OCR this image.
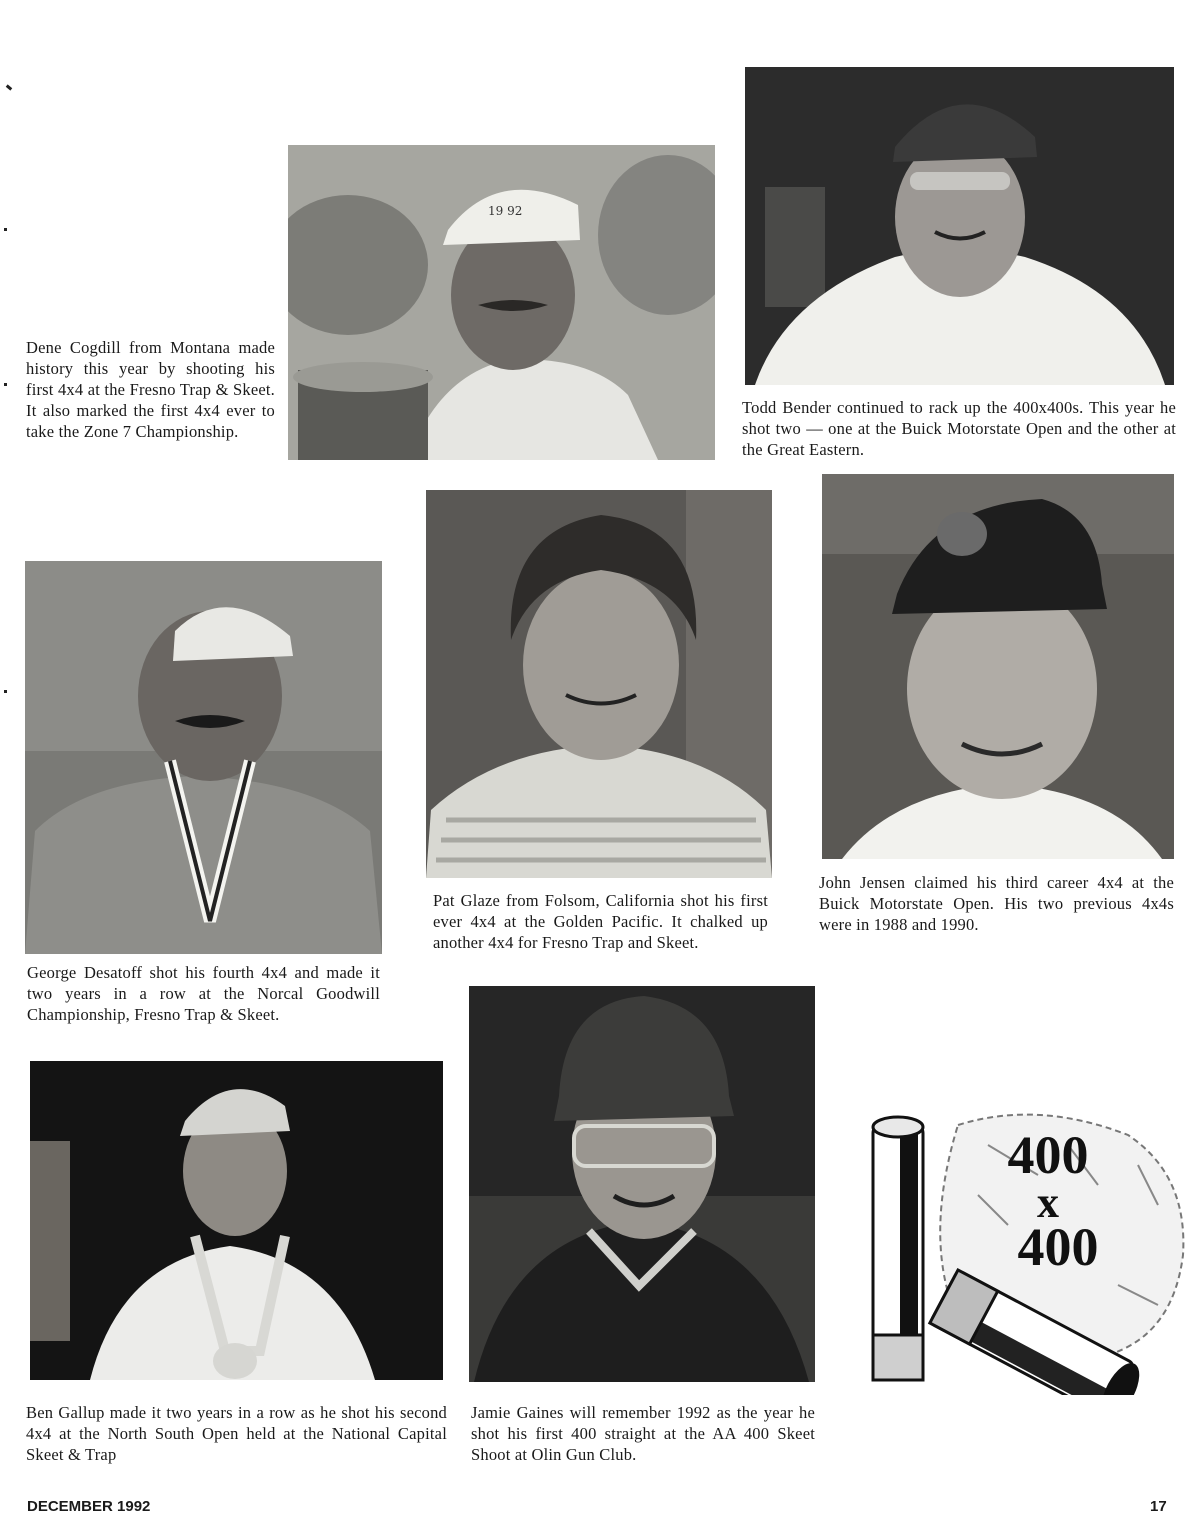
19 92

Dene Cogdill from Montana made history this year by shooting his first 4x4 at the Fresno Trap & Skeet. It also marked the first 4x4 ever to take the Zone 7 Championship.

Todd Bender continued to rack up the 400x400s. This year he shot two — one at the Buick Motorstate Open and the other at the Great Eastern.

George Desatoff shot his fourth 4x4 and made it two years in a row at the Norcal Goodwill Championship, Fresno Trap & Skeet.

Pat Glaze from Folsom, California shot his first ever 4x4 at the Golden Pacific. It chalked up another 4x4 for Fresno Trap and Skeet.

John Jensen claimed his third career 4x4 at the Buick Motorstate Open. His two previous 4x4s were in 1988 and 1990.

Ben Gallup made it two years in a row as he shot his second 4x4 at the North South Open held at the National Capital Skeet & Trap

Jamie Gaines will remember 1992 as the year he shot his first 400 straight at the AA 400 Skeet Shoot at Olin Gun Club.

400
x
400
DECEMBER 1992	17
